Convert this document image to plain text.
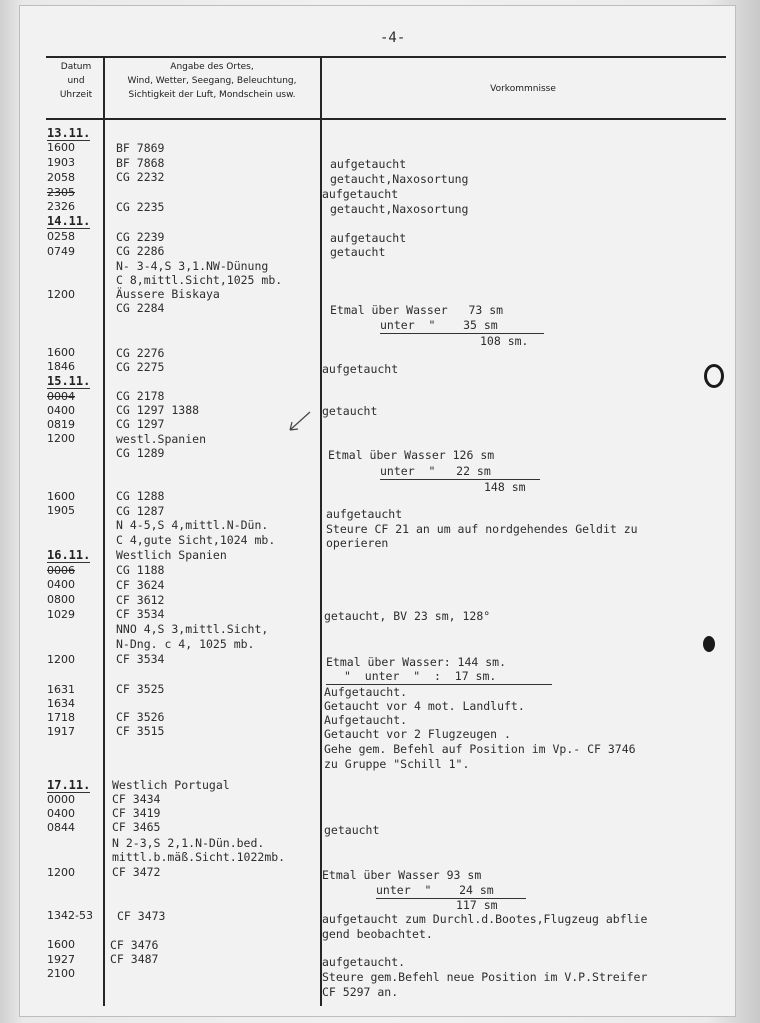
-4-
Datum
und
Uhrzeit
Angabe des Ortes,
Wind, Wetter, Seegang, Beleuchtung,
Sichtigkeit der Luft, Mondschein usw.
Vorkommnisse
13.11.
14.11.
15.11.
16.11.
17.11.
1600
1903
2058
2305
2326
0258
0749
1200
1600
1846
0004
0400
0819
1200
1600
1905
0006
0400
0800
1029
1200
1631
1634
1718
1917
0000
0400
0844
1200
1342-53
1600
1927
2100
BF 7869
BF 7868
CG 2232
CG 2235
CG 2239
CG 2286
N- 3-4,S 3,1.NW-Dünung
C 8,mittl.Sicht,1025 mb.
Äussere Biskaya
CG 2284
CG 2276
CG 2275
CG 2178
CG 1297 1388
CG 1297
westl.Spanien
CG 1289
CG 1288
CG 1287
N 4-5,S 4,mittl.N-Dün.
C 4,gute Sicht,1024 mb.
Westlich Spanien
CG 1188
CF 3624
CF 3612
CF 3534
NNO 4,S 3,mittl.Sicht,
N-Dng. c 4, 1025 mb.
CF 3534
CF 3525
CF 3526
CF 3515
Westlich Portugal
CF 3434
CF 3419
CF 3465
N 2-3,S 2,1.N-Dün.bed.
mittl.b.mäß.Sicht.1022mb.
CF 3472
CF 3473
CF 3476
CF 3487
aufgetaucht
getaucht,Naxosortung
aufgetaucht
getaucht,Naxosortung
aufgetaucht
getaucht
Etmal über Wasser   73 sm
unter  "    35 sm
108 sm.
aufgetaucht
getaucht
Etmal über Wasser 126 sm
unter  "   22 sm
148 sm
aufgetaucht
Steure CF 21 an um auf nordgehendes Geldit zu
operieren
getaucht, BV 23 sm, 128°
Etmal über Wasser: 144 sm.
"  unter  "  :  17 sm.
Aufgetaucht.
Getaucht vor 4 mot. Landluft.
Aufgetaucht.
Getaucht vor 2 Flugzeugen .
Gehe gem. Befehl auf Position im Vp.- CF 3746
zu Gruppe "Schill 1".
getaucht
Etmal über Wasser 93 sm
unter  "    24 sm
117 sm
aufgetaucht zum Durchl.d.Bootes,Flugzeug abflie
gend beobachtet.
aufgetaucht.
Steure gem.Befehl neue Position im V.P.Streifer
CF 5297 an.
